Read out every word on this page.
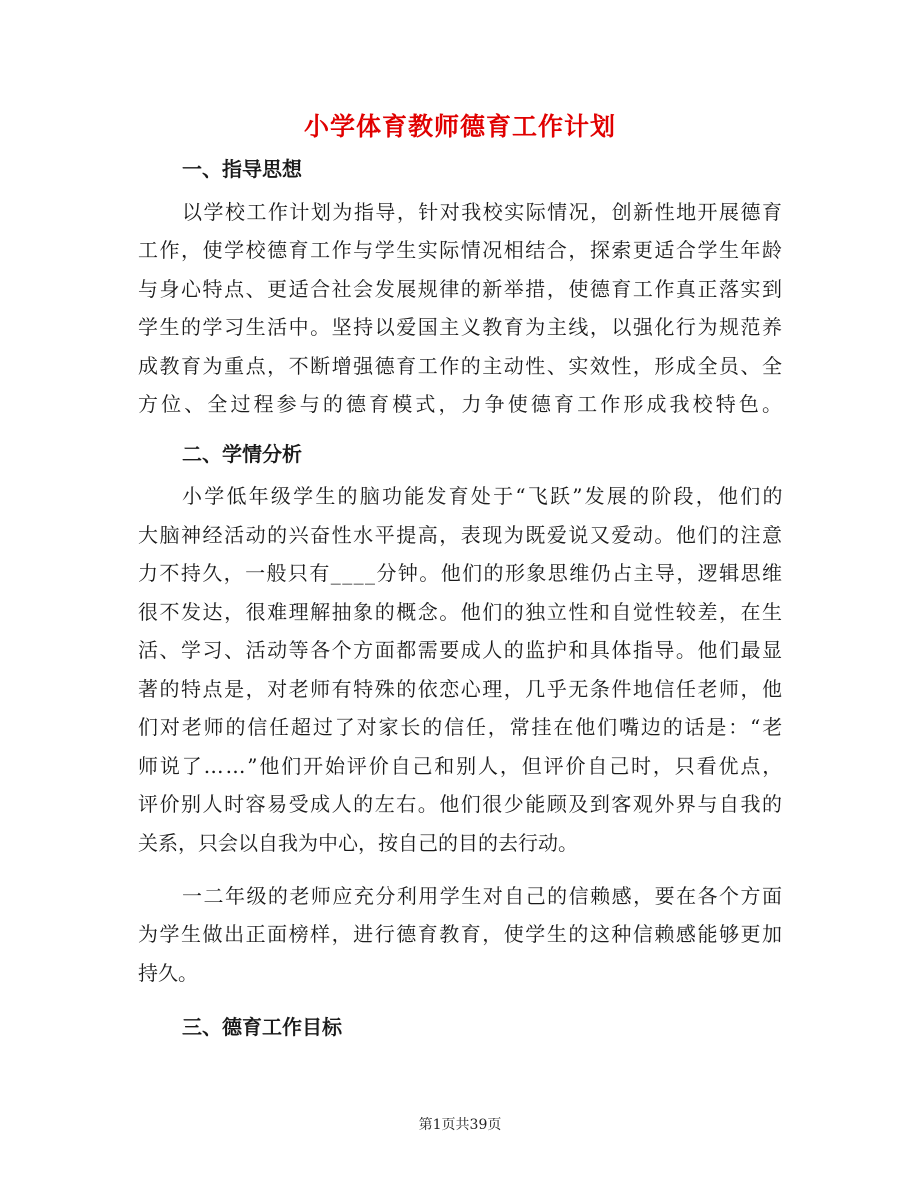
小学体育教师德育工作计划
一、指导思想
以学校工作计划为指导，针对我校实际情况，创新性地开展德育
工作，使学校德育工作与学生实际情况相结合，探索更适合学生年龄
与身心特点、更适合社会发展规律的新举措，使德育工作真正落实到
学生的学习生活中。坚持以爱国主义教育为主线，以强化行为规范养
成教育为重点，不断增强德育工作的主动性、实效性，形成全员、全
方位、全过程参与的德育模式，力争使德育工作形成我校特色。
二、学情分析
小学低年级学生的脑功能发育处于“飞跃”发展的阶段，他们的
大脑神经活动的兴奋性水平提高，表现为既爱说又爱动。他们的注意
力不持久，一般只有____分钟。他们的形象思维仍占主导，逻辑思维
很不发达，很难理解抽象的概念。他们的独立性和自觉性较差，在生
活、学习、活动等各个方面都需要成人的监护和具体指导。他们最显
著的特点是，对老师有特殊的依恋心理，几乎无条件地信任老师，他
们对老师的信任超过了对家长的信任，常挂在他们嘴边的话是：“老
师说了……”他们开始评价自己和别人，但评价自己时，只看优点，
评价别人时容易受成人的左右。他们很少能顾及到客观外界与自我的
关系，只会以自我为中心，按自己的目的去行动。
一二年级的老师应充分利用学生对自己的信赖感，要在各个方面
为学生做出正面榜样，进行德育教育，使学生的这种信赖感能够更加
持久。
三、德育工作目标
第1页共39页
